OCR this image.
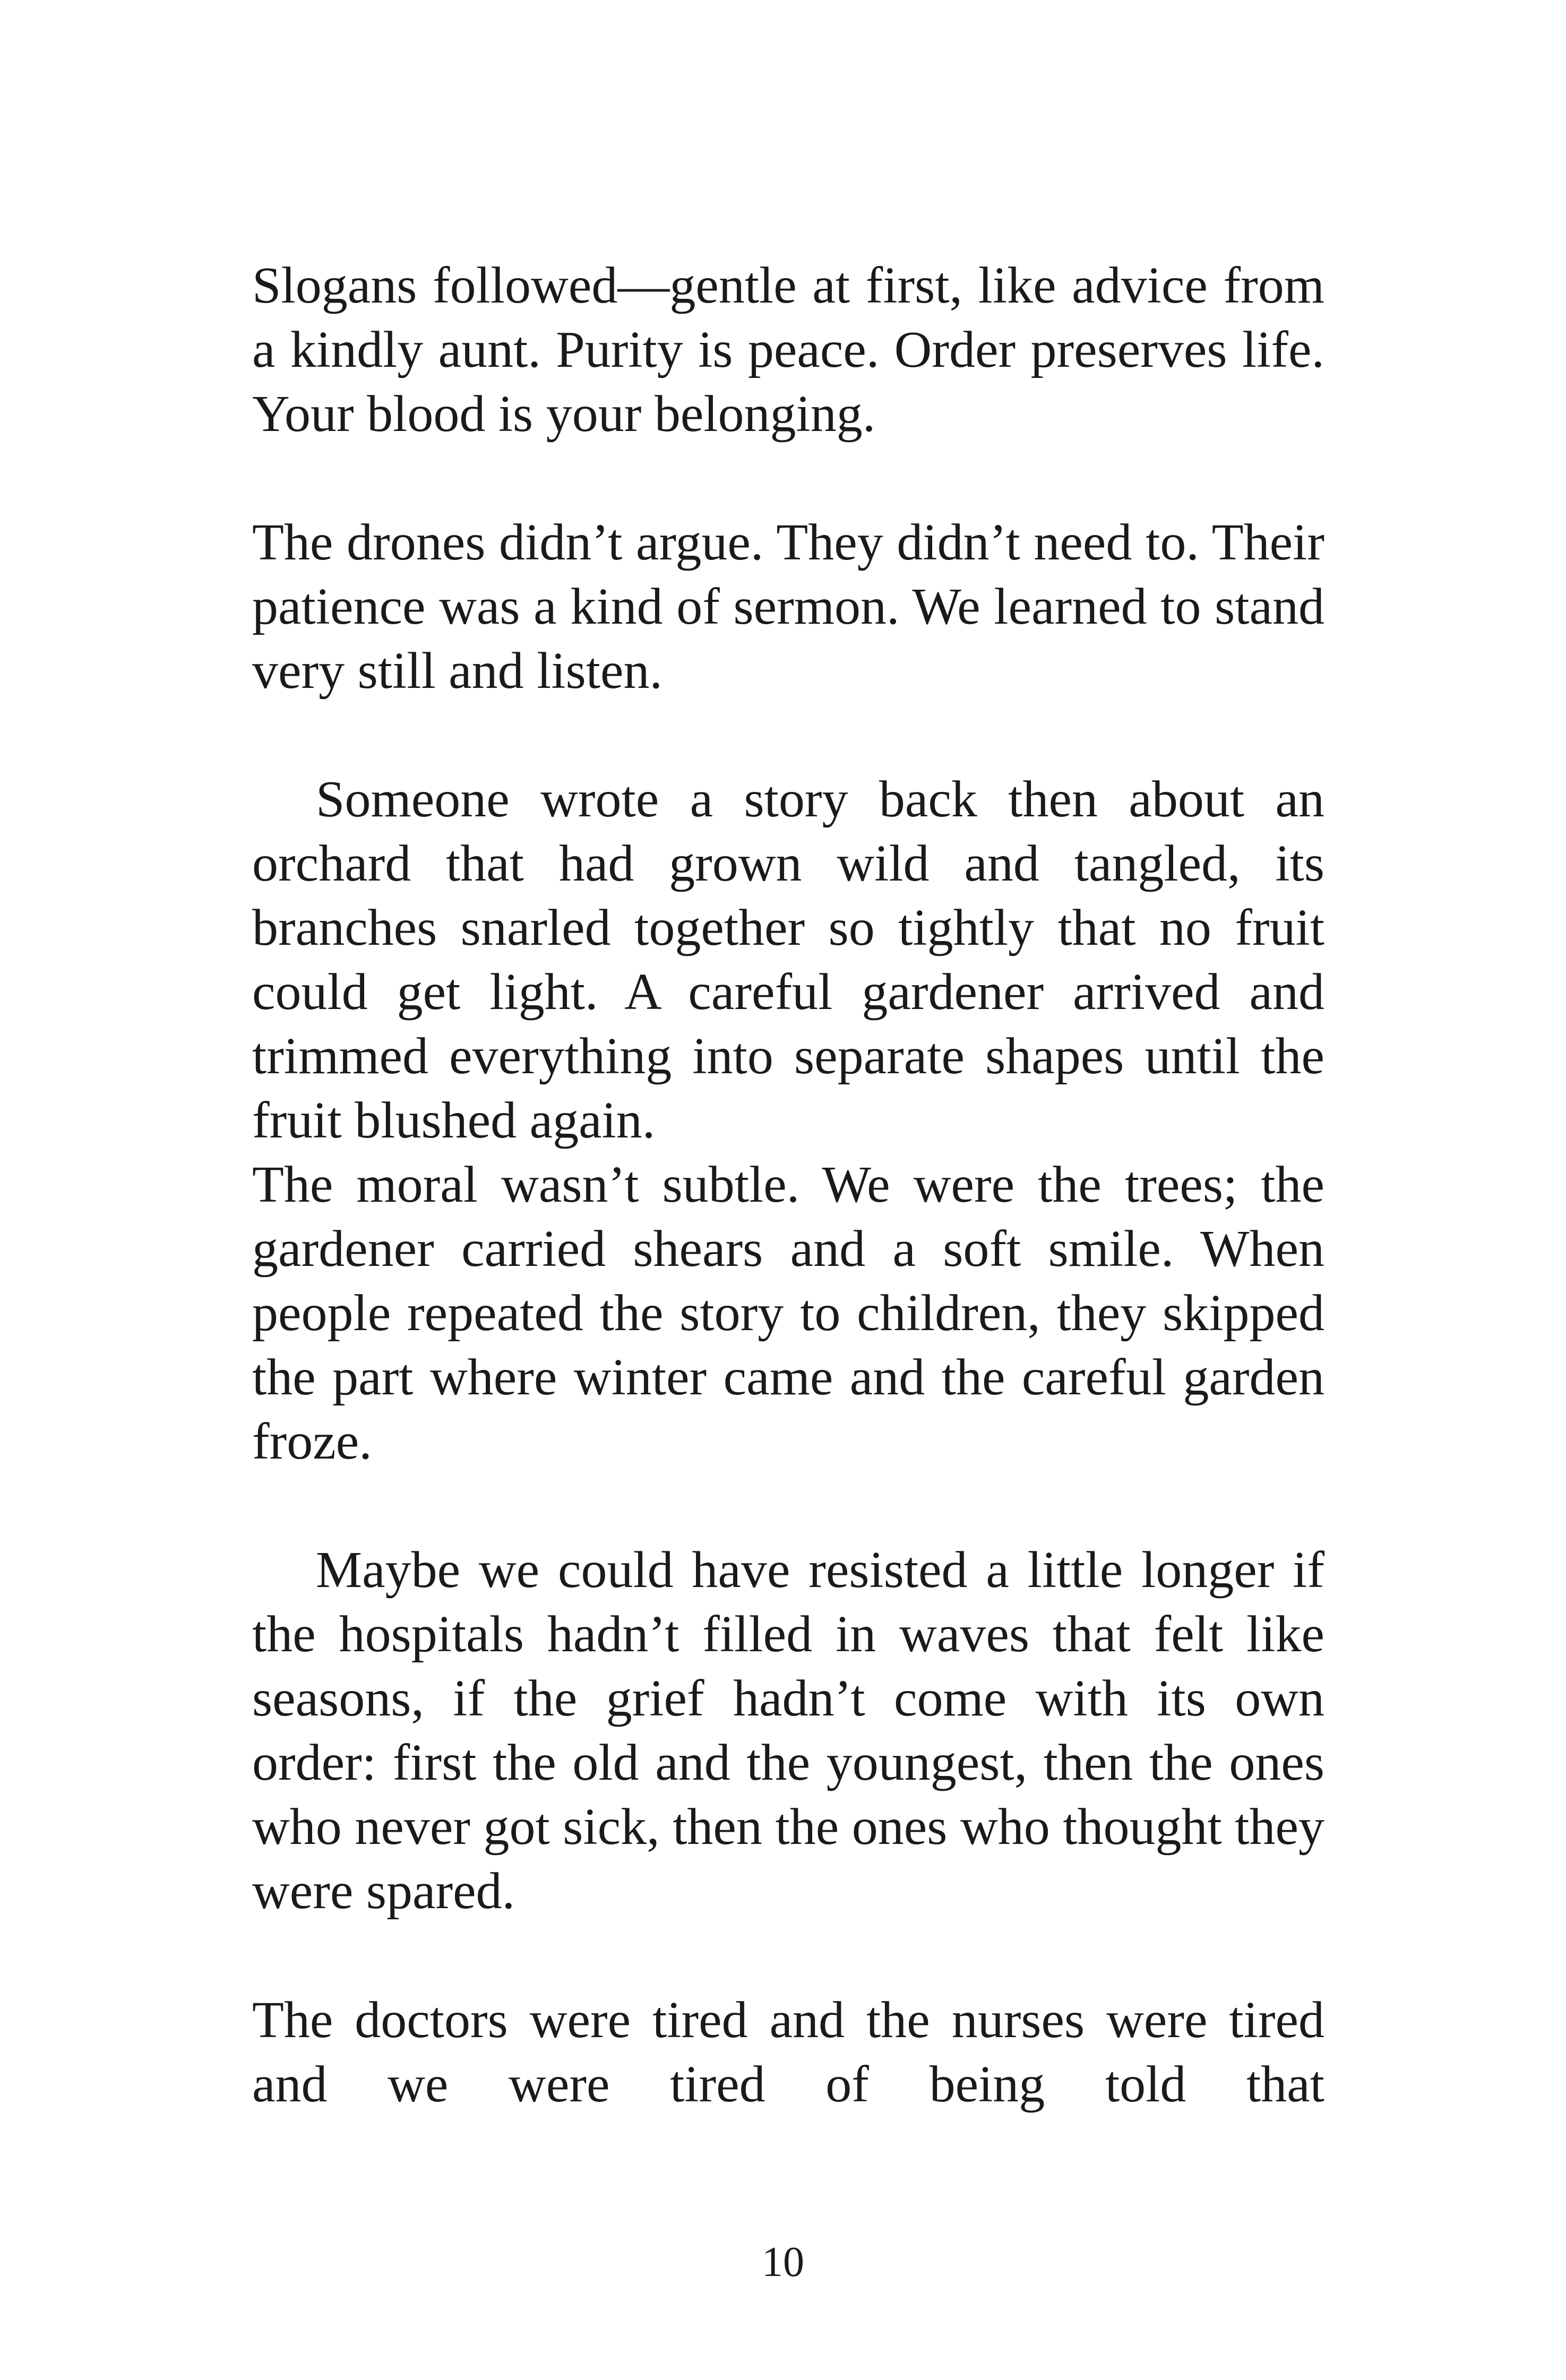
Slogans followed—gentle at first, like advice from a kindly aunt. Purity is peace. Order preserves life. Your blood is your belonging.

The drones didn’t argue. They didn’t need to. Their patience was a kind of sermon. We learned to stand very still and listen.

Someone wrote a story back then about an orchard that had grown wild and tangled, its branches snarled together so tightly that no fruit could get light. A careful gardener arrived and trimmed everything into separate shapes until the fruit blushed again.

The moral wasn’t subtle. We were the trees; the gardener carried shears and a soft smile. When people repeated the story to children, they skipped the part where winter came and the careful garden froze.

Maybe we could have resisted a little longer if the hospitals hadn’t filled in waves that felt like seasons, if the grief hadn’t come with its own order: first the old and the youngest, then the ones who never got sick, then the ones who thought they were spared.

The doctors were tired and the nurses were tired and we were tired of being told that

10
